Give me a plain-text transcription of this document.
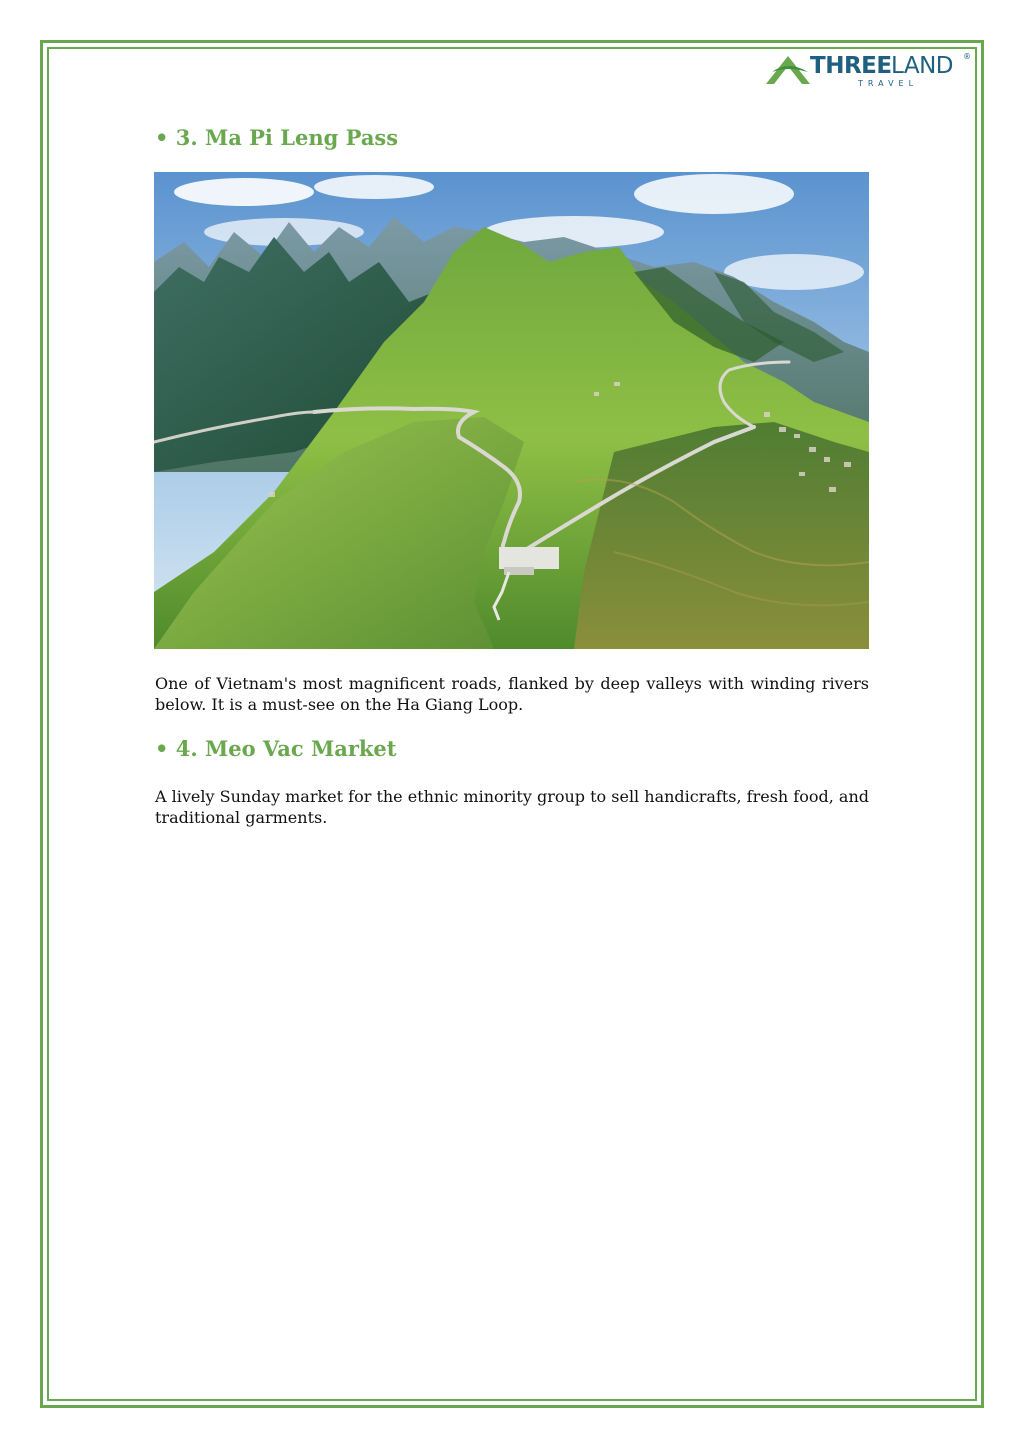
THREE LAND ®
TRAVEL
• 3. Ma Pi Leng Pass

One of Vietnam's most magnificent roads, flanked by deep valleys with winding rivers below. It is a must-see on the Ha Giang Loop.

• 4. Meo Vac Market

A lively Sunday market for the ethnic minority group to sell handicrafts, fresh food, and traditional garments.
